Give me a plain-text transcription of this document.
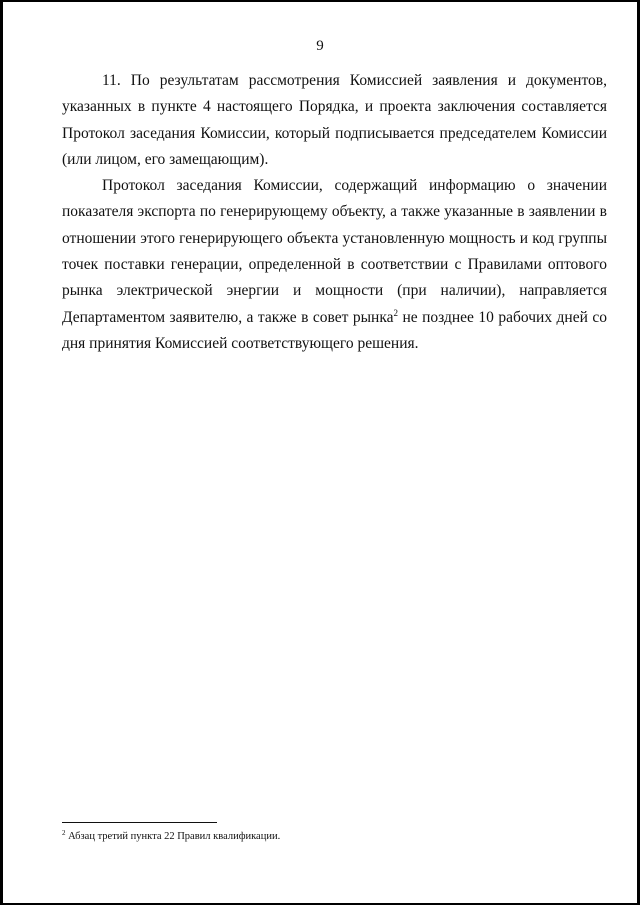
9

11. По результатам рассмотрения Комиссией заявления и документов, указанных в пункте 4 настоящего Порядка, и проекта заключения составляется Протокол заседания Комиссии, который подписывается председателем Комиссии (или лицом, его замещающим).

Протокол заседания Комиссии, содержащий информацию о значении показателя экспорта по генерирующему объекту, а также указанные в заявлении в отношении этого генерирующего объекта установленную мощность и код группы точек поставки генерации, определенной в соответствии с Правилами оптового рынка электрической энергии и мощности (при наличии), направляется Департаментом заявителю, а также в совет рынка$^2$ не позднее 10 рабочих дней со дня принятия Комиссией соответствующего решения.

$^2$ Абзац третий пункта 22 Правил квалификации.
